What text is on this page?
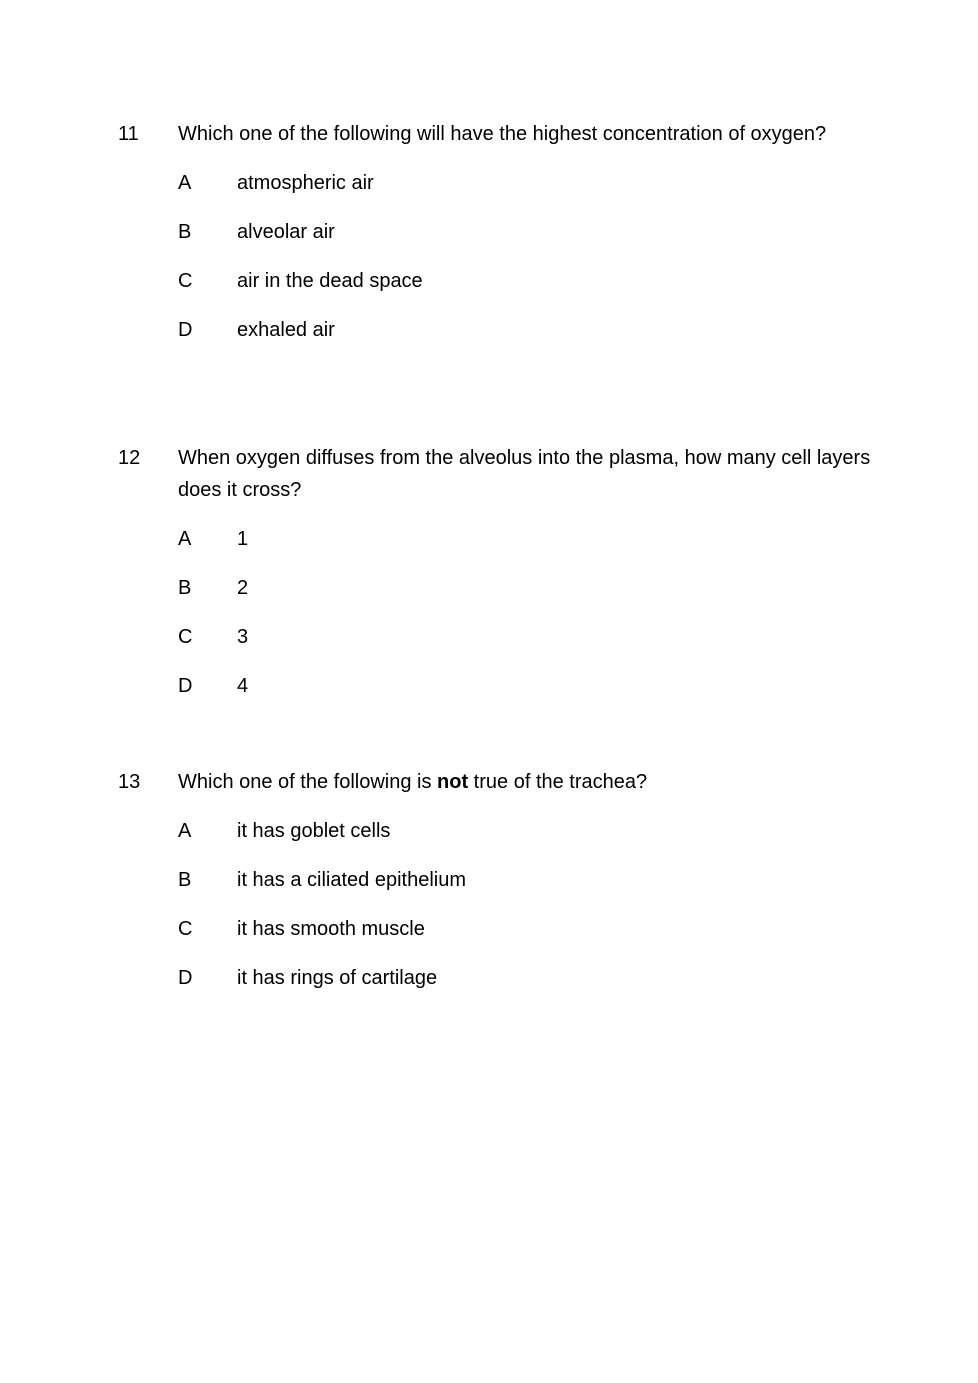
11	Which one of the following will have the highest concentration of oxygen?
A	atmospheric air
B	alveolar air
C	air in the dead space
D	exhaled air
12	When oxygen diffuses from the alveolus into the plasma, how many cell layers does it cross?
A	1
B	2
C	3
D	4
13	Which one of the following is not true of the trachea?
A	it has goblet cells
B	it has a ciliated epithelium
C	it has smooth muscle
D	it has rings of cartilage
